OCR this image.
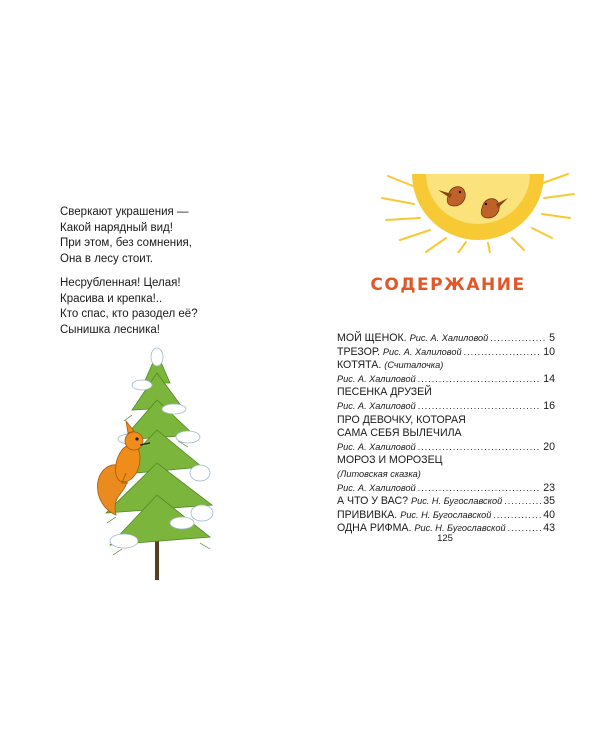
Сверкают украшения —
Какой нарядный вид!
При этом, без сомнения,
Она в лесу стоит.
Несрубленная! Целая!
Красива и крепка!..
Кто спас, кто разодел её?
Сынишка лесника!
СОДЕРЖАНИЕ
МОЙ ЩЕНОК.
Рис. А. Халиловой .....	5
ТРЕЗОР.
Рис. А. Халиловой .....	10
КОТЯТА. (Считалочка)
Рис. А. Халиловой .....	14
ПЕСЕНКА ДРУЗЕЙ
Рис. А. Халиловой .....	16
ПРО ДЕВОЧКУ, КОТОРАЯ
САМА СЕБЯ ВЫЛЕЧИЛА
Рис. А. Халиловой .....	20
МОРОЗ И МОРОЗЕЦ
(Литовская сказка)
Рис. А. Халиловой .....	23
А ЧТО У ВАС?
Рис. Н. Бугославской .....	35
ПРИВИВКА.
Рис. Н. Бугославской .....	40
ОДНА РИФМА.
Рис. Н. Бугославской .....	43
125
